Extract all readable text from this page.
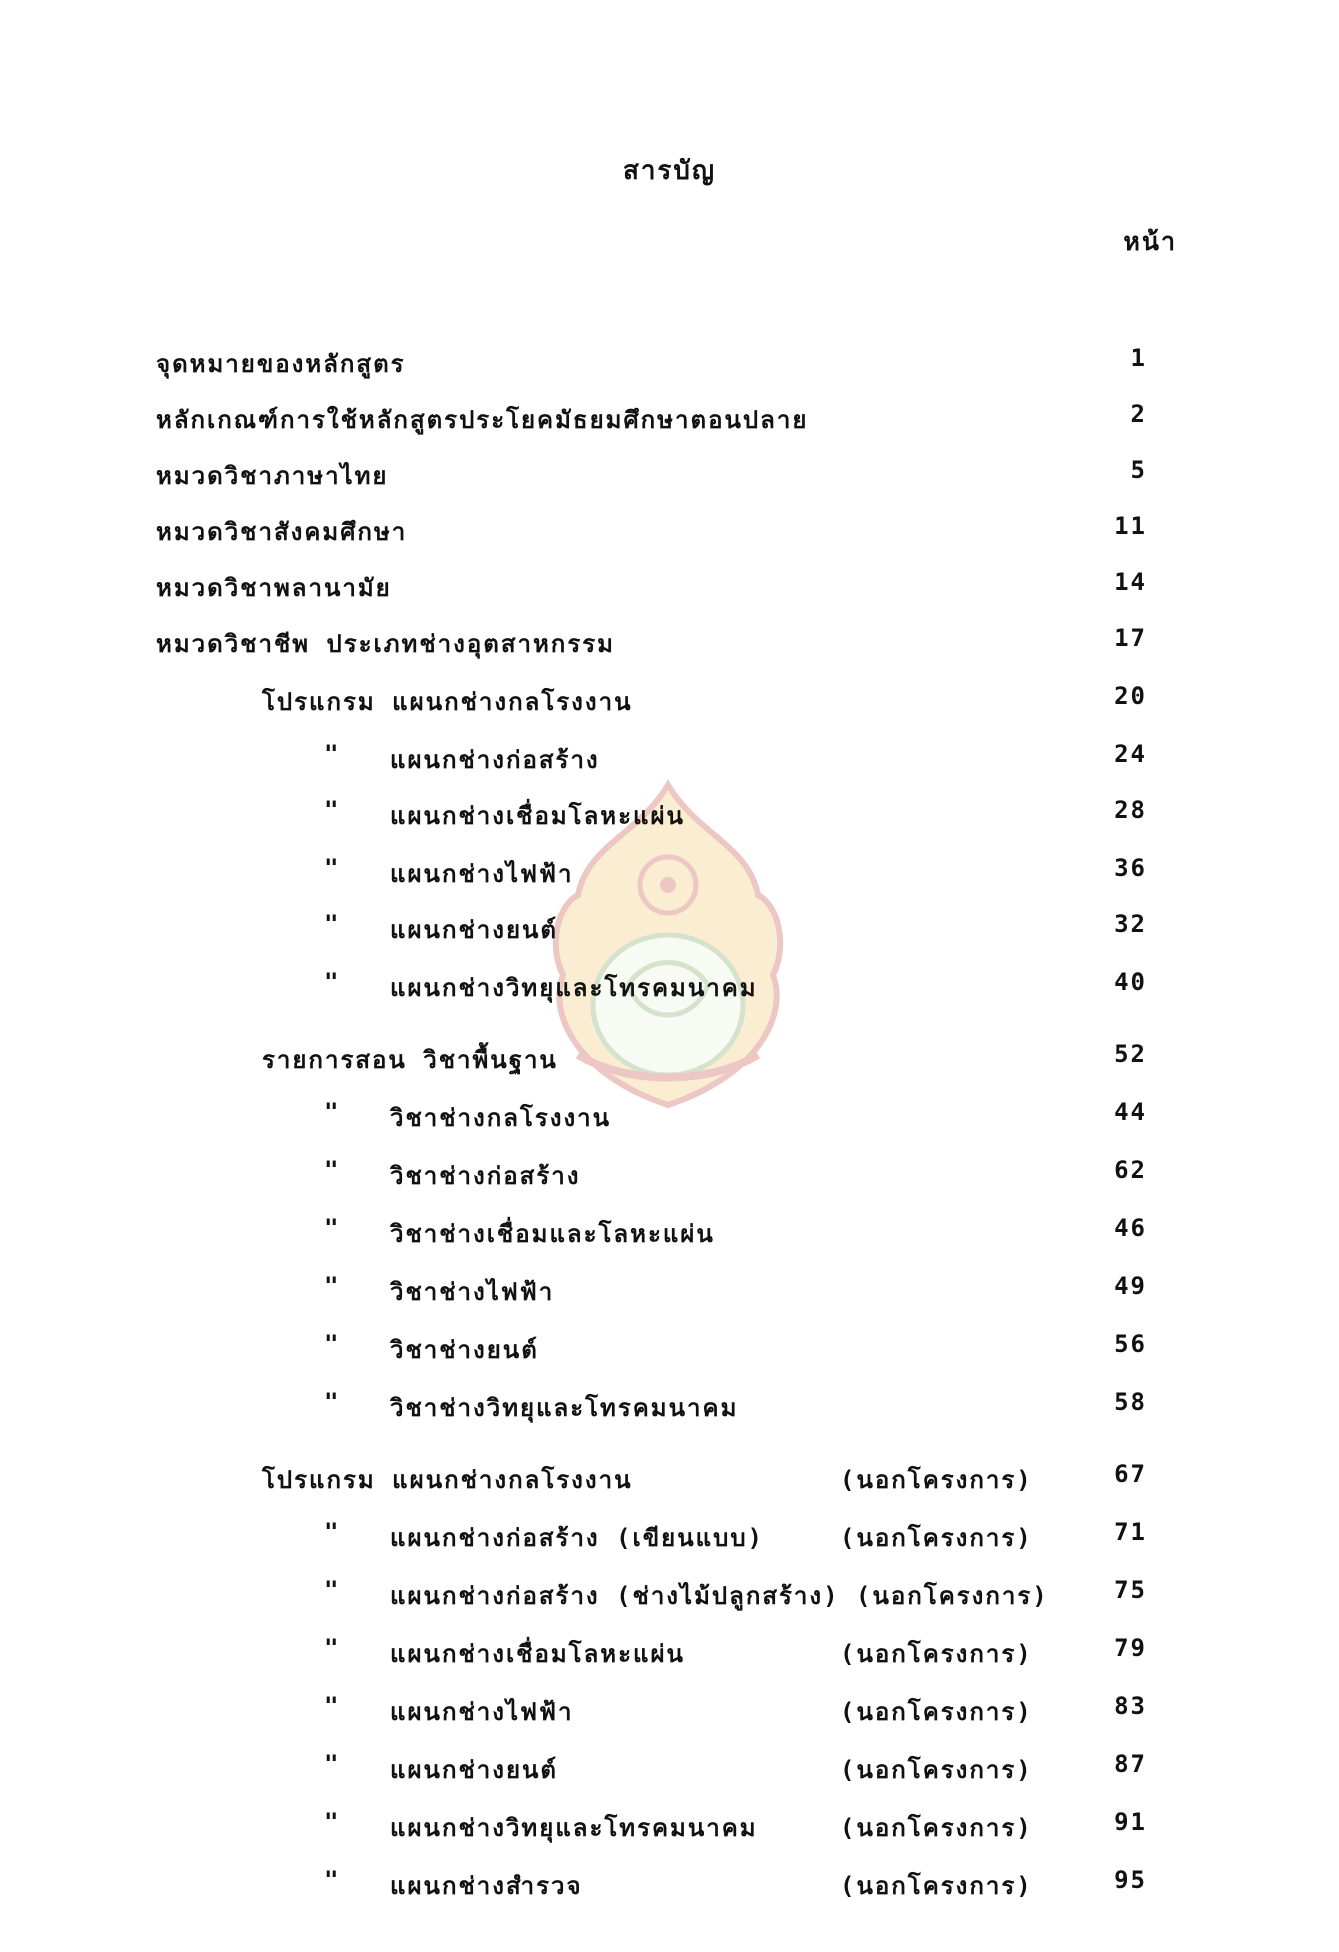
สารบัญ
หน้า
จุดหมายของหลักสูตร	1
หลักเกณฑ์การใช้หลักสูตรประโยคมัธยมศึกษาตอนปลาย	2
หมวดวิชาภาษาไทย	5
หมวดวิชาสังคมศึกษา	11
หมวดวิชาพลานามัย	14
หมวดวิชาชีพ ประเภทช่างอุตสาหกรรม	17
โปรแกรม แผนกช่างกลโรงงาน	20
" แผนกช่างก่อสร้าง	24
" แผนกช่างเชื่อมโลหะแผ่น	28
" แผนกช่างไฟฟ้า	36
" แผนกช่างยนต์	32
" แผนกช่างวิทยุและโทรคมนาคม	40
รายการสอน วิชาพื้นฐาน	52
" วิชาช่างกลโรงงาน	44
" วิชาช่างก่อสร้าง	62
" วิชาช่างเชื่อมและโลหะแผ่น	46
" วิชาช่างไฟฟ้า	49
" วิชาช่างยนต์	56
" วิชาช่างวิทยุและโทรคมนาคม	58
โปรแกรม แผนกช่างกลโรงงาน	(นอกโครงการ)	67
" แผนกช่างก่อสร้าง (เขียนแบบ)	(นอกโครงการ)	71
" แผนกช่างก่อสร้าง (ช่างไม้ปลูกสร้าง) (นอกโครงการ)	75
" แผนกช่างเชื่อมโลหะแผ่น	(นอกโครงการ)	79
" แผนกช่างไฟฟ้า	(นอกโครงการ)	83
" แผนกช่างยนต์	(นอกโครงการ)	87
" แผนกช่างวิทยุและโทรคมนาคม	(นอกโครงการ)	91
" แผนกช่างสำรวจ	(นอกโครงการ)	95
